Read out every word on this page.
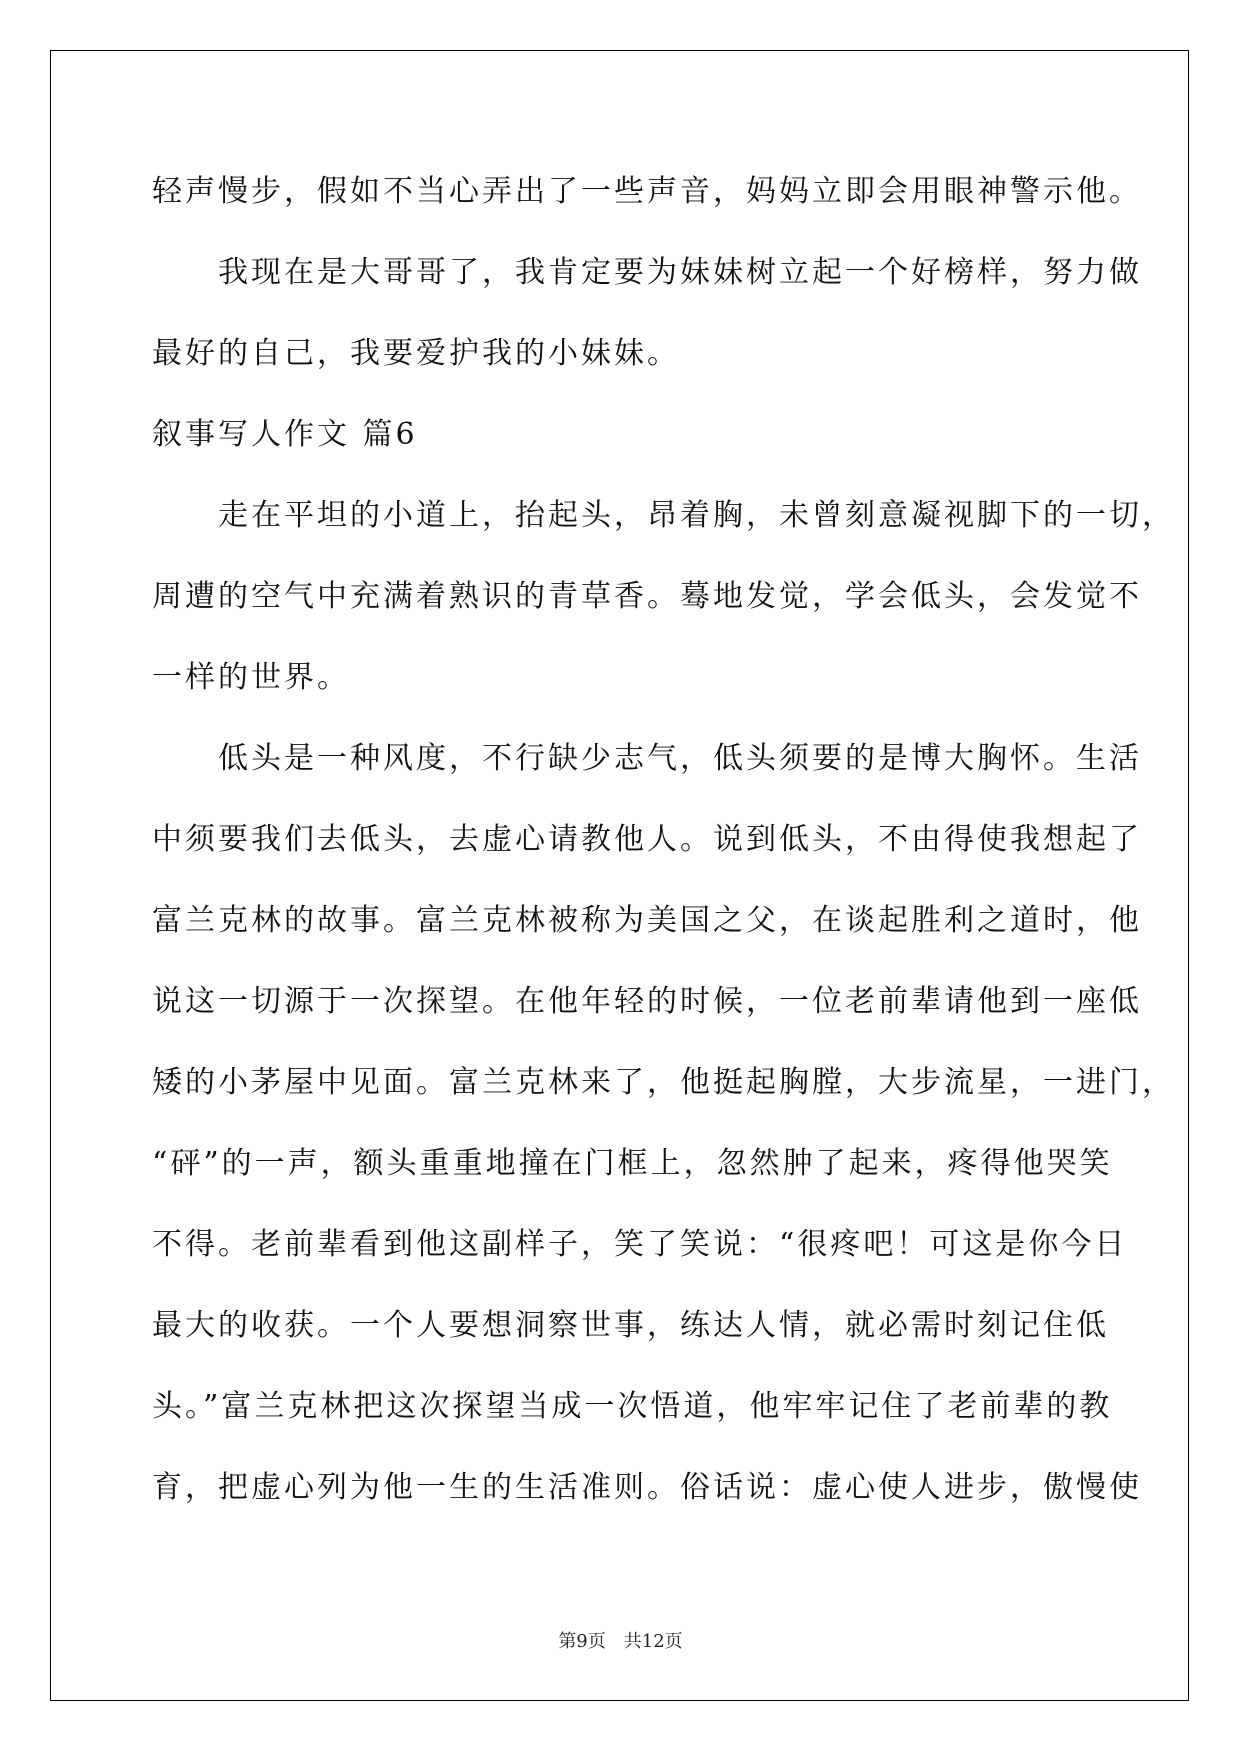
轻声慢步，假如不当心弄出了一些声音，妈妈立即会用眼神警示他。
　　我现在是大哥哥了，我肯定要为妹妹树立起一个好榜样，努力做
最好的自己，我要爱护我的小妹妹。
叙事写人作文 篇6
　　走在平坦的小道上，抬起头，昂着胸，未曾刻意凝视脚下的一切，
周遭的空气中充满着熟识的青草香。蓦地发觉，学会低头，会发觉不
一样的世界。
　　低头是一种风度，不行缺少志气，低头须要的是博大胸怀。生活
中须要我们去低头，去虚心请教他人。说到低头，不由得使我想起了
富兰克林的故事。富兰克林被称为美国之父，在谈起胜利之道时，他
说这一切源于一次探望。在他年轻的时候，一位老前辈请他到一座低
矮的小茅屋中见面。富兰克林来了，他挺起胸膛，大步流星，一进门，
“砰”的一声，额头重重地撞在门框上，忽然肿了起来，疼得他哭笑
不得。老前辈看到他这副样子，笑了笑说：“很疼吧！可这是你今日
最大的收获。一个人要想洞察世事，练达人情，就必需时刻记住低
头。”富兰克林把这次探望当成一次悟道，他牢牢记住了老前辈的教
育，把虚心列为他一生的生活准则。俗话说：虚心使人进步，傲慢使
第9页　共12页
